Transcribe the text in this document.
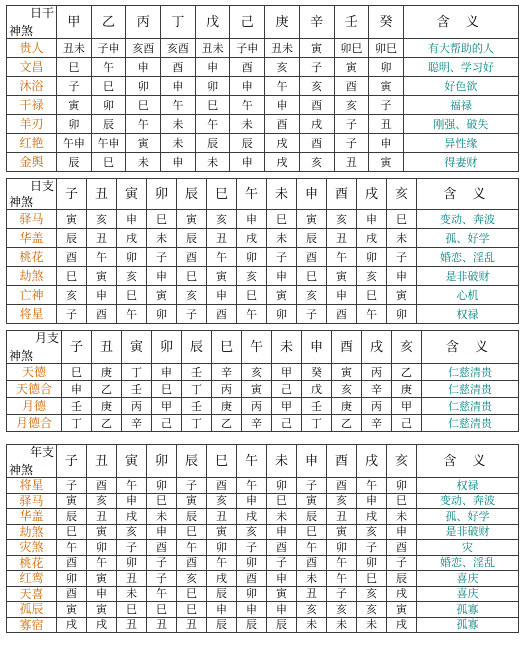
日干
神煞	甲	乙	丙	丁	戊	己	庚	辛	壬	癸	含 义
贵人	丑未	子申	亥酉	亥酉	丑未	子申	丑未	寅	卯巳	卯巳	有大帮助的人
文昌	巳	午	申	酉	申	酉	亥	子	寅	卯	聪明、学习好
沐浴	子	巳	卯	申	卯	申	午	亥	酉	寅	好色欲
干禄	寅	卯	巳	午	巳	午	申	酉	亥	子	福禄
羊刃	卯	辰	午	未	午	未	酉	戌	子	丑	刚强、破失
红艳	午申	午申	寅	未	辰	辰	戌	酉	子	申	异性缘
金舆	辰	巳	未	申	未	申	戌	亥	丑	寅	得妻财
日支
神煞	子	丑	寅	卯	辰	巳	午	未	申	酉	戌	亥	含 义
驿马	寅	亥	申	巳	寅	亥	申	巳	寅	亥	申	巳	变动、奔波
华盖	辰	丑	戌	未	辰	丑	戌	未	辰	丑	戌	未	孤、好学
桃花	酉	午	卯	子	酉	午	卯	子	酉	午	卯	子	婚恋、淫乱
劫煞	巳	寅	亥	申	巳	寅	亥	申	巳	寅	亥	申	是非破财
亡神	亥	申	巳	寅	亥	申	巳	寅	亥	申	巳	寅	心机
将星	子	酉	午	卯	子	酉	午	卯	子	酉	午	卯	权禄
月支
神煞	子	丑	寅	卯	辰	巳	午	未	申	酉	戌	亥	含 义
天德	巳	庚	丁	申	壬	辛	亥	甲	癸	寅	丙	乙	仁慈清贵
天德合	申	乙	壬	巳	丁	丙	寅	己	戊	亥	辛	庚	仁慈清贵
月德	壬	庚	丙	甲	壬	庚	丙	甲	壬	庚	丙	甲	仁慈清贵
月德合	丁	乙	辛	己	丁	乙	辛	己	丁	乙	辛	己	仁慈清贵
年支
神煞	子	丑	寅	卯	辰	巳	午	未	申	酉	戌	亥	含 义
将星	子	酉	午	卯	子	酉	午	卯	子	酉	午	卯	权禄
驿马	寅	亥	申	巳	寅	亥	申	巳	寅	亥	申	巳	变动、奔波
华盖	辰	丑	戌	未	辰	丑	戌	未	辰	丑	戌	未	孤、好学
劫煞	巳	寅	亥	申	巳	寅	亥	申	巳	寅	亥	申	是非破财
灾煞	午	卯	子	酉	午	卯	子	酉	午	卯	子	酉	灾
桃花	酉	午	卯	子	酉	午	卯	子	酉	午	卯	子	婚恋、淫乱
红鸾	卯	寅	丑	子	亥	戌	酉	申	未	午	巳	辰	喜庆
天喜	酉	申	未	午	巳	辰	卯	寅	丑	子	亥	戌	喜庆
孤辰	寅	寅	巳	巳	巳	申	申	申	亥	亥	亥	寅	孤寡
寡宿	戌	戌	丑	丑	丑	辰	辰	辰	未	未	未	戌	孤寡
